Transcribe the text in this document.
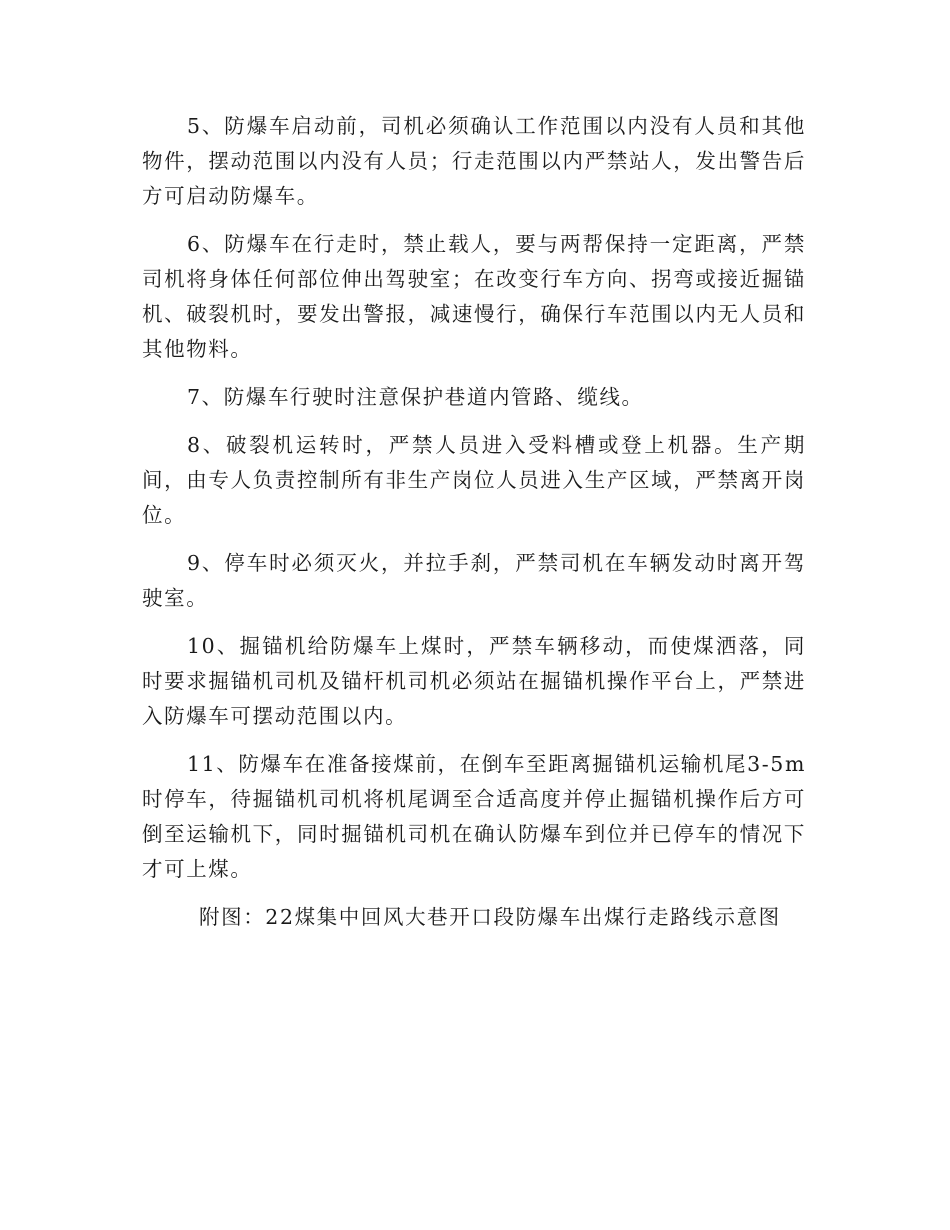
5、防爆车启动前，司机必须确认工作范围以内没有人员和其他物件，摆动范围以内没有人员；行走范围以内严禁站人，发出警告后方可启动防爆车。

6、防爆车在行走时，禁止载人，要与两帮保持一定距离，严禁司机将身体任何部位伸出驾驶室；在改变行车方向、拐弯或接近掘锚机、破裂机时，要发出警报，减速慢行，确保行车范围以内无人员和其他物料。

7、防爆车行驶时注意保护巷道内管路、缆线。

8、破裂机运转时，严禁人员进入受料槽或登上机器。生产期间，由专人负责控制所有非生产岗位人员进入生产区域，严禁离开岗位。

9、停车时必须灭火，并拉手刹，严禁司机在车辆发动时离开驾驶室。

10、掘锚机给防爆车上煤时，严禁车辆移动，而使煤洒落，同时要求掘锚机司机及锚杆机司机必须站在掘锚机操作平台上，严禁进入防爆车可摆动范围以内。

11、防爆车在准备接煤前，在倒车至距离掘锚机运输机尾3-5m时停车，待掘锚机司机将机尾调至合适高度并停止掘锚机操作后方可倒至运输机下，同时掘锚机司机在确认防爆车到位并已停车的情况下才可上煤。

附图：22煤集中回风大巷开口段防爆车出煤行走路线示意图
